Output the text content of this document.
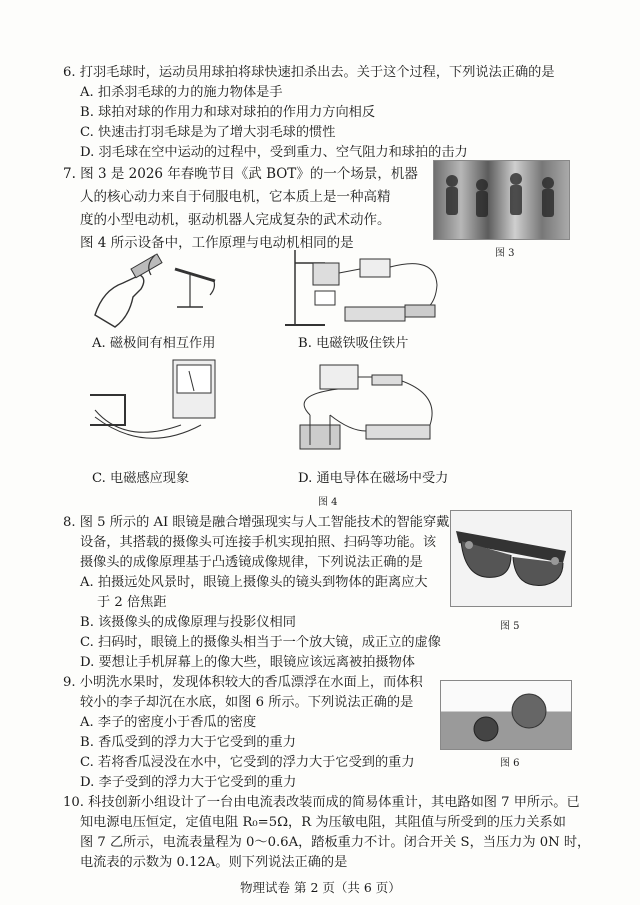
6. 打羽毛球时，运动员用球拍将球快速扣杀出去。关于这个过程，下列说法正确的是
A. 扣杀羽毛球的力的施力物体是手
B. 球拍对球的作用力和球对球拍的作用力方向相反
C. 快速击打羽毛球是为了增大羽毛球的惯性
D. 羽毛球在空中运动的过程中，受到重力、空气阻力和球拍的击力
7. 图 3 是 2026 年春晚节目《武 BOT》的一个场景，机器
人的核心动力来自于伺服电机，它本质上是一种高精
度的小型电动机，驱动机器人完成复杂的武术动作。
图 4 所示设备中，工作原理与电动机相同的是
图 3
A. 磁极间有相互作用	B. 电磁铁吸住铁片
C. 电磁感应现象	D. 通电导体在磁场中受力
图 4
8. 图 5 所示的 AI 眼镜是融合增强现实与人工智能技术的智能穿戴
设备，其搭载的摄像头可连接手机实现拍照、扫码等功能。该
摄像头的成像原理基于凸透镜成像规律，下列说法正确的是
A. 拍摄远处风景时，眼镜上摄像头的镜头到物体的距离应大
于 2 倍焦距
B. 该摄像头的成像原理与投影仪相同
C. 扫码时，眼镜上的摄像头相当于一个放大镜，成正立的虚像
D. 要想让手机屏幕上的像大些，眼镜应该远离被拍摄物体
图 5
9. 小明洗水果时，发现体积较大的香瓜漂浮在水面上，而体积
较小的李子却沉在水底，如图 6 所示。下列说法正确的是
A. 李子的密度小于香瓜的密度
B. 香瓜受到的浮力大于它受到的重力
C. 若将香瓜浸没在水中，它受到的浮力大于它受到的重力
D. 李子受到的浮力大于它受到的重力
图 6
10. 科技创新小组设计了一台由电流表改装而成的简易体重计，其电路如图 7 甲所示。已
知电源电压恒定，定值电阻 R₀=5Ω，R 为压敏电阻，其阻值与所受到的压力关系如
图 7 乙所示，电流表量程为 0～0.6A，踏板重力不计。闭合开关 S，当压力为 0N 时，
电流表的示数为 0.12A。则下列说法正确的是
物理试卷 第 2 页（共 6 页）
